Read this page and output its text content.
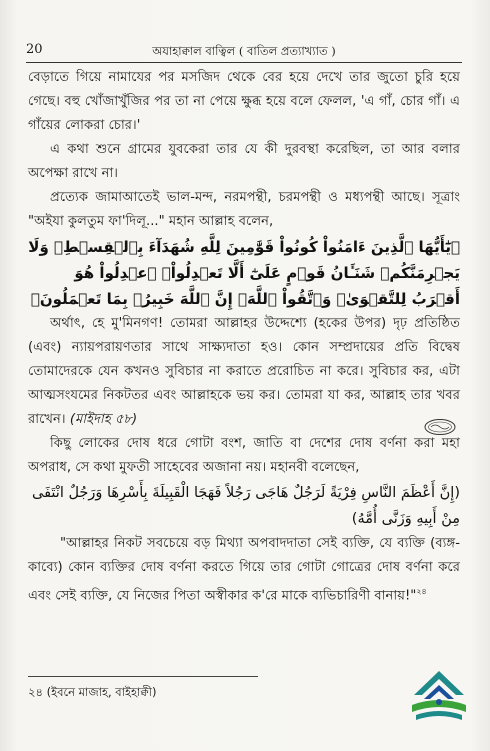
20	অযাহাক্বাল বাত্বিল ( বাতিল প্রত্যাখ্যাত )

বেড়াতে গিয়ে নামাযের পর মসজিদ থেকে বের হয়ে দেখে তার জুতো চুরি হয়ে গেছে। বহু খোঁজাখুঁজির পর তা না পেয়ে ক্ষুব্ধ হয়ে বলে ফেলল, 'এ গাঁ, চোর গাঁ। এ গাঁয়ের লোকরা চোর।'

এ কথা শুনে গ্রামের যুবকেরা তার যে কী দুরবস্থা করেছিল, তা আর বলার অপেক্ষা রাখে না।

প্রত্যেক জামাআতেই ভাল-মন্দ, নরমপন্থী, চরমপন্থী ও মধ্যপন্থী আছে। সূত্রাং "অইযা কুলতুম ফা'দিলূ..." মহান আল্লাহ বলেন,

﴿يَٰٓأَيُّهَا ٱلَّذِينَ ءَامَنُواْ كُونُواْ قَوَّٰمِينَ لِلَّهِ شُهَدَآءَ بِٱلۡقِسۡطِۖ وَلَا يَجۡرِمَنَّكُمۡ شَنَـَٔانُ قَوۡمٍ عَلَىٰٓ أَلَّا تَعۡدِلُواْۚ ٱعۡدِلُواْ هُوَ أَقۡرَبُ لِلتَّقۡوَىٰۖ وَٱتَّقُواْ ٱللَّهَۚ إِنَّ ٱللَّهَ خَبِيرُۢ بِمَا تَعۡمَلُونَ﴾

অর্থাৎ, হে মু'মিনগণ! তোমরা আল্লাহর উদ্দেশ্যে (হকের উপর) দৃঢ় প্রতিষ্ঠিত (এবং) ন্যায়পরায়ণতার সাথে সাক্ষ্যদাতা হও। কোন সম্প্রদায়ের প্রতি বিদ্বেষ তোমাদেরকে যেন কখনও সুবিচার না করাতে প্ররোচিত না করে। সুবিচার কর, এটা আত্মসংযমের নিকটতর এবং আল্লাহকে ভয় কর। তোমরা যা কর, আল্লাহ তার খবর রাখেন। (মাইদাহ ৫৮)

কিছু লোকের দোষ ধরে গোটা বংশ, জাতি বা দেশের দোষ বর্ণনা করা মহা অপরাধ, সে কথা মুফতী সাহেবের অজানা নয়। মহানবী বলেছেন,

(إِنَّ أَعْظَمَ النَّاسِ فِرْيَةً لَرَجُلٌ هَاجَى رَجُلاً فَهَجَا الْقَبِيلَةَ بِأَسْرِهَا وَرَجُلٌ انْتَفَى مِنْ أَبِيهِ وَزَنَّى أُمَّهُ)

"আল্লাহর নিকট সবচেয়ে বড় মিথ্যা অপবাদদাতা সেই ব্যক্তি, যে ব্যক্তি (ব্যঙ্গ-কাব্যে) কোন ব্যক্তির দোষ বর্ণনা করতে গিয়ে তার গোটা গোত্রের দোষ বর্ণনা করে এবং সেই ব্যক্তি, যে নিজের পিতা অস্বীকার ক'রে মাকে ব্যভিচারিণী বানায়!"$^{২৪}$

২৪ (ইবনে মাজাহ, বাইহাক্বী)
